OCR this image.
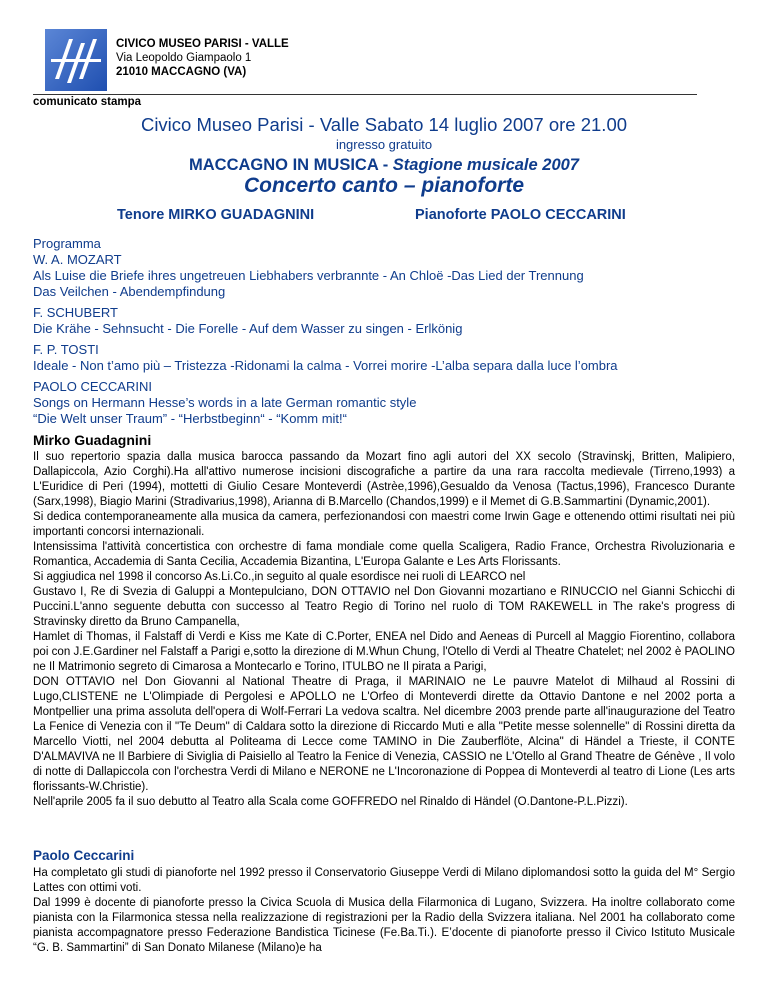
CIVICO MUSEO PARISI - VALLE
Via Leopoldo Giampaolo 1
21010 MACCAGNO (VA)
comunicato stampa
Civico Museo Parisi - Valle Sabato 14 luglio 2007 ore 21.00
ingresso gratuito
MACCAGNO IN MUSICA - Stagione musicale 2007
Concerto canto – pianoforte
Tenore MIRKO GUADAGNINI	Pianoforte PAOLO CECCARINI
Programma
W. A. MOZART
Als Luise die Briefe ihres ungetreuen Liebhabers verbrannte - An Chloë -Das Lied der Trennung
Das Veilchen - Abendempfindung
F. SCHUBERT
Die Krähe - Sehnsucht - Die Forelle - Auf dem Wasser zu singen - Erlkönig
F. P. TOSTI
Ideale - Non t’amo più – Tristezza -Ridonami la calma - Vorrei morire -L’alba separa dalla luce l’ombra
PAOLO CECCARINI
Songs on Hermann Hesse’s words in a late German romantic style
“Die Welt unser Traum” - “Herbstbeginn“ - “Komm mit!“
Mirko Guadagnini

Il suo repertorio spazia dalla musica barocca passando da Mozart fino agli autori del XX secolo (Stravinskj, Britten, Malipiero, Dallapiccola, Azio Corghi).Ha all'attivo numerose incisioni discografiche a partire da una rara raccolta medievale (Tirreno,1993) a L'Euridice di Peri (1994), mottetti di Giulio Cesare Monteverdi (Astrèe,1996),Gesualdo da Venosa (Tactus,1996), Francesco Durante (Sarx,1998), Biagio Marini (Stradivarius,1998), Arianna di B.Marcello (Chandos,1999) e il Memet di G.B.Sammartini (Dynamic,2001).

Si dedica contemporaneamente alla musica da camera, perfezionandosi con maestri come Irwin Gage e ottenendo ottimi risultati nei più importanti concorsi internazionali.

Intensissima l'attività concertistica con orchestre di fama mondiale come quella Scaligera, Radio France, Orchestra Rivoluzionaria e Romantica, Accademia di Santa Cecilia, Accademia Bizantina, L'Europa Galante e Les Arts Florissants.

Si aggiudica nel 1998 il concorso As.Li.Co.,in seguito al quale esordisce nei ruoli di LEARCO nel

Gustavo I, Re di Svezia di Galuppi a Montepulciano, DON OTTAVIO nel Don Giovanni mozartiano e RINUCCIO nel Gianni Schicchi di Puccini.L'anno seguente debutta con successo al Teatro Regio di Torino nel ruolo di TOM RAKEWELL in The rake's progress di Stravinsky diretto da Bruno Campanella,

Hamlet di Thomas, il Falstaff di Verdi e Kiss me Kate di C.Porter, ENEA nel Dido and Aeneas di Purcell al Maggio Fiorentino, collabora poi con J.E.Gardiner nel Falstaff a Parigi e,sotto la direzione di M.Whun Chung, l'Otello di Verdi al Theatre Chatelet; nel 2002 è PAOLINO ne Il Matrimonio segreto di Cimarosa a Montecarlo e Torino, ITULBO ne Il pirata a Parigi,

DON OTTAVIO nel Don Giovanni al National Theatre di Praga, il MARINAIO ne Le pauvre Matelot di Milhaud al Rossini di Lugo,CLISTENE ne L'Olimpiade di Pergolesi e APOLLO ne L'Orfeo di Monteverdi dirette da Ottavio Dantone e nel 2002 porta a Montpellier una prima assoluta dell'opera di Wolf-Ferrari La vedova scaltra. Nel dicembre 2003 prende parte all'inaugurazione del Teatro La Fenice di Venezia con il "Te Deum" di Caldara sotto la direzione di Riccardo Muti e alla "Petite messe solennelle" di Rossini diretta da Marcello Viotti, nel 2004 debutta al Politeama di Lecce come TAMINO in Die Zauberflöte, Alcina" di Händel a Trieste, il CONTE D'ALMAVIVA ne Il Barbiere di Siviglia di Paisiello al Teatro la Fenice di Venezia, CASSIO ne L'Otello al Grand Theatre de Génève , Il volo di notte di Dallapiccola con l'orchestra Verdi di Milano e NERONE ne L'Incoronazione di Poppea di Monteverdi al teatro di Lione (Les arts florissants-W.Christie).

Nell'aprile 2005 fa il suo debutto al Teatro alla Scala come GOFFREDO nel Rinaldo di Händel (O.Dantone-P.L.Pizzi).

Paolo Ceccarini

Ha completato gli studi di pianoforte nel 1992 presso il Conservatorio Giuseppe Verdi di Milano diplomandosi sotto la guida del M° Sergio Lattes con ottimi voti.

Dal 1999 è docente di pianoforte presso la Civica Scuola di Musica della Filarmonica di Lugano, Svizzera. Ha inoltre collaborato come pianista con la Filarmonica stessa nella realizzazione di registrazioni per la Radio della Svizzera italiana. Nel 2001 ha collaborato come pianista accompagnatore presso Federazione Bandistica Ticinese (Fe.Ba.Ti.). E’docente di pianoforte presso il Civico Istituto Musicale “G. B. Sammartini” di San Donato Milanese (Milano)e ha
